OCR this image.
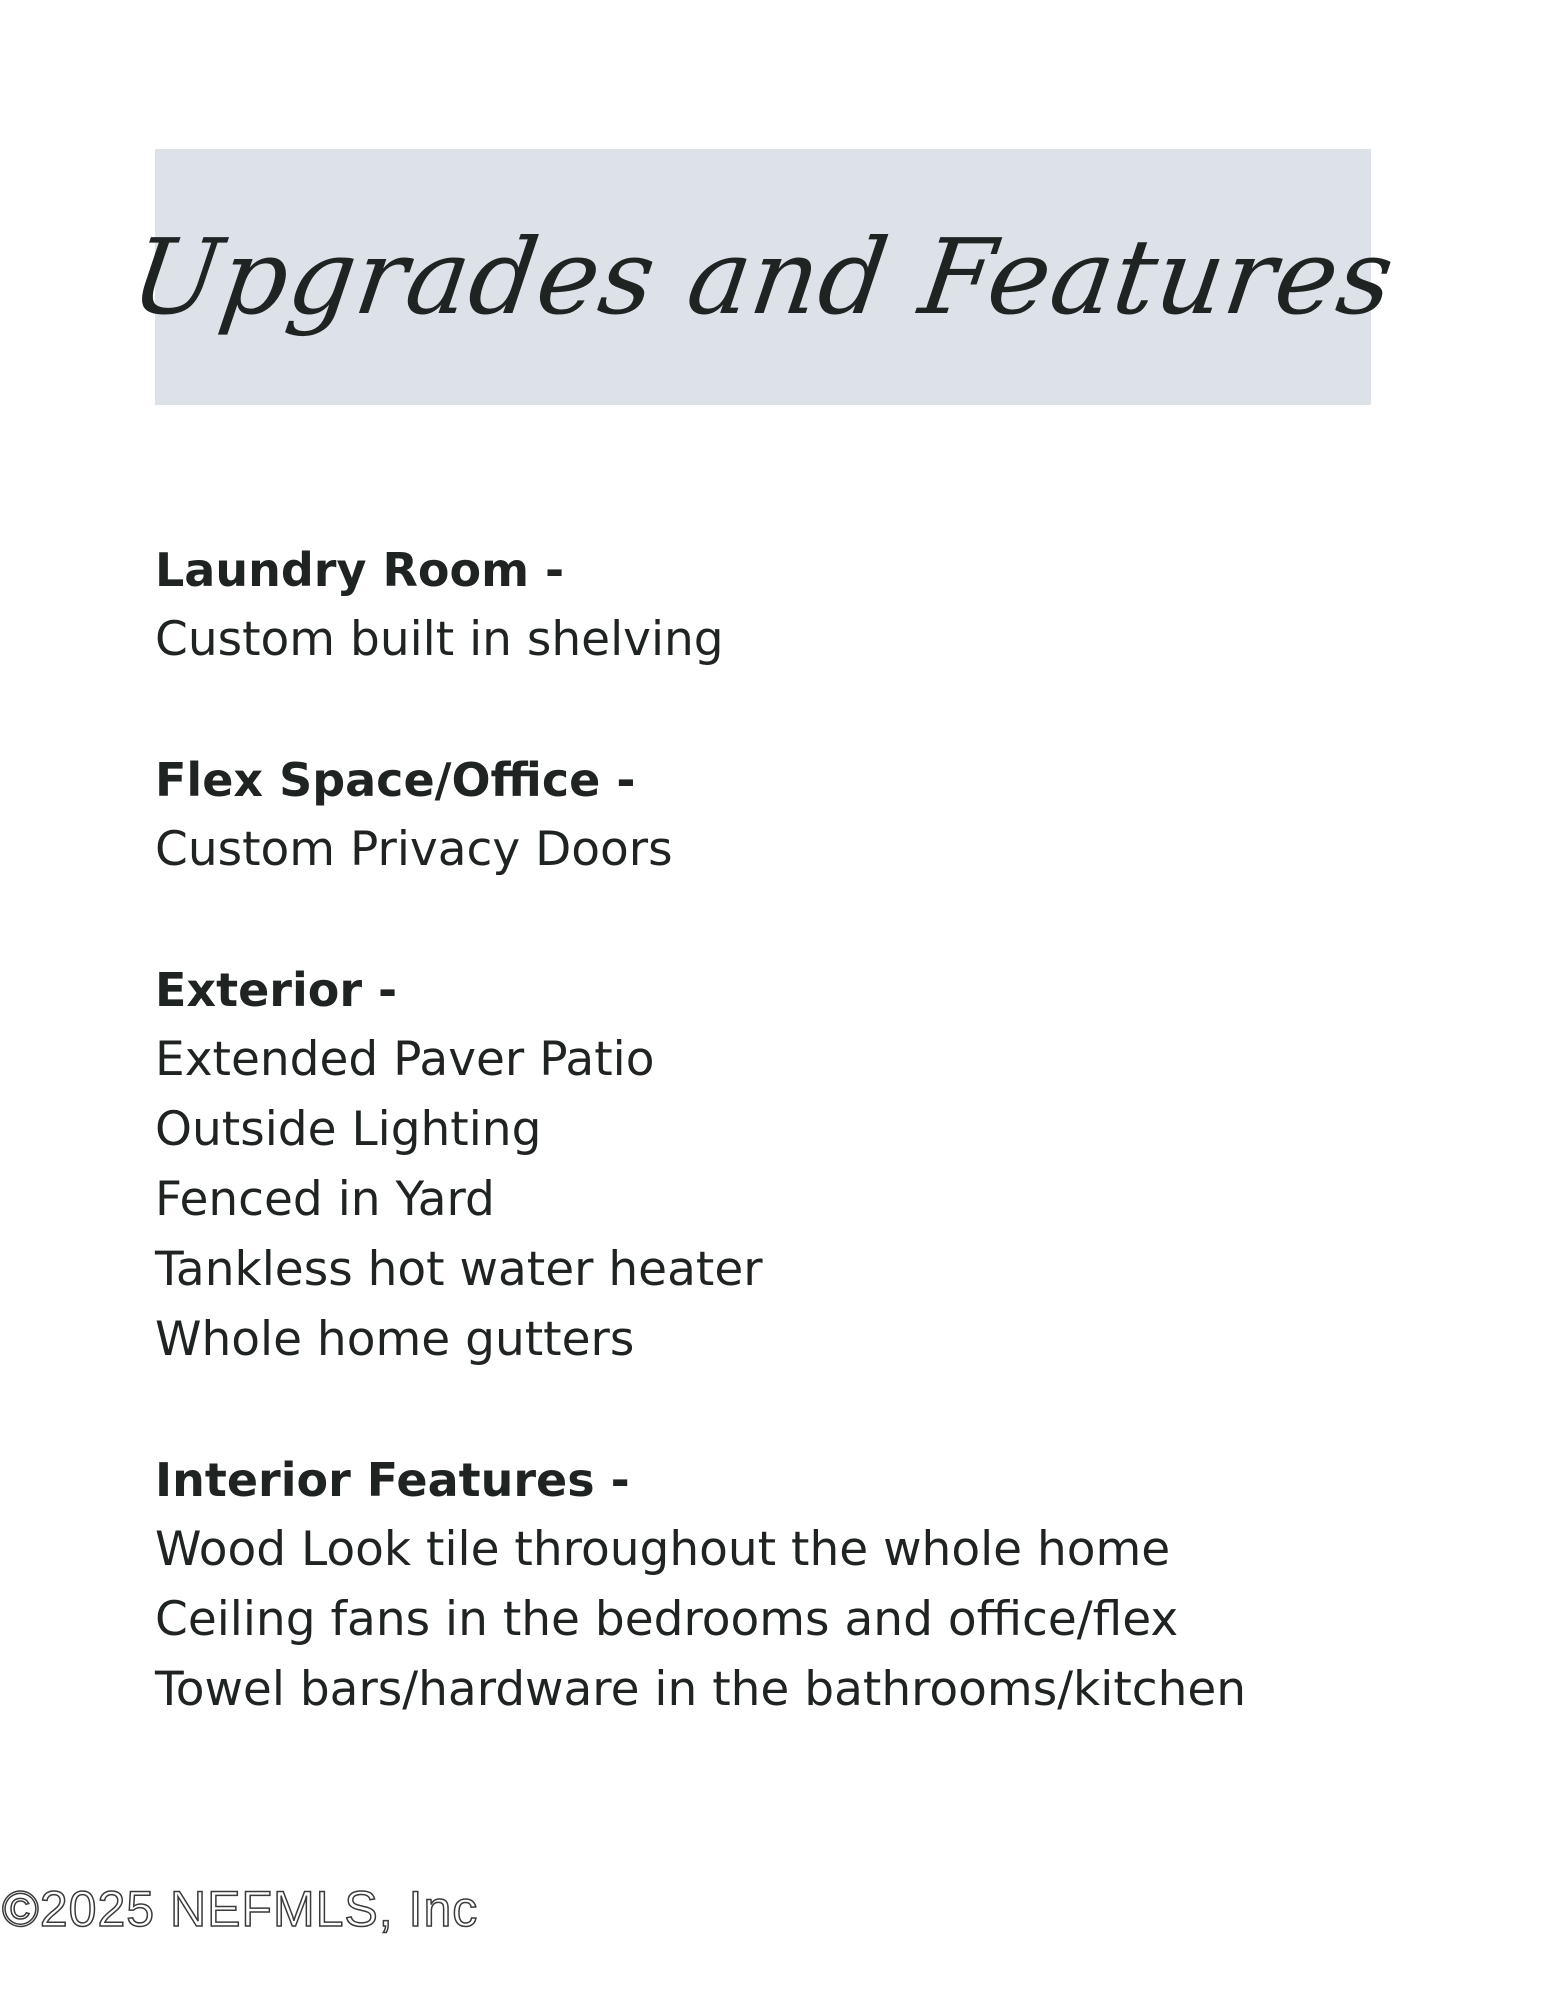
Upgrades and Features
Laundry Room -
Custom built in shelving
Flex Space/Office -
Custom Privacy Doors
Exterior -
Extended Paver Patio
Outside Lighting
Fenced in Yard
Tankless hot water heater
Whole home gutters
Interior Features -
Wood Look tile throughout the whole home
Ceiling fans in the bedrooms and office/flex
Towel bars/hardware in the bathrooms/kitchen
©2025 NEFMLS, Inc
